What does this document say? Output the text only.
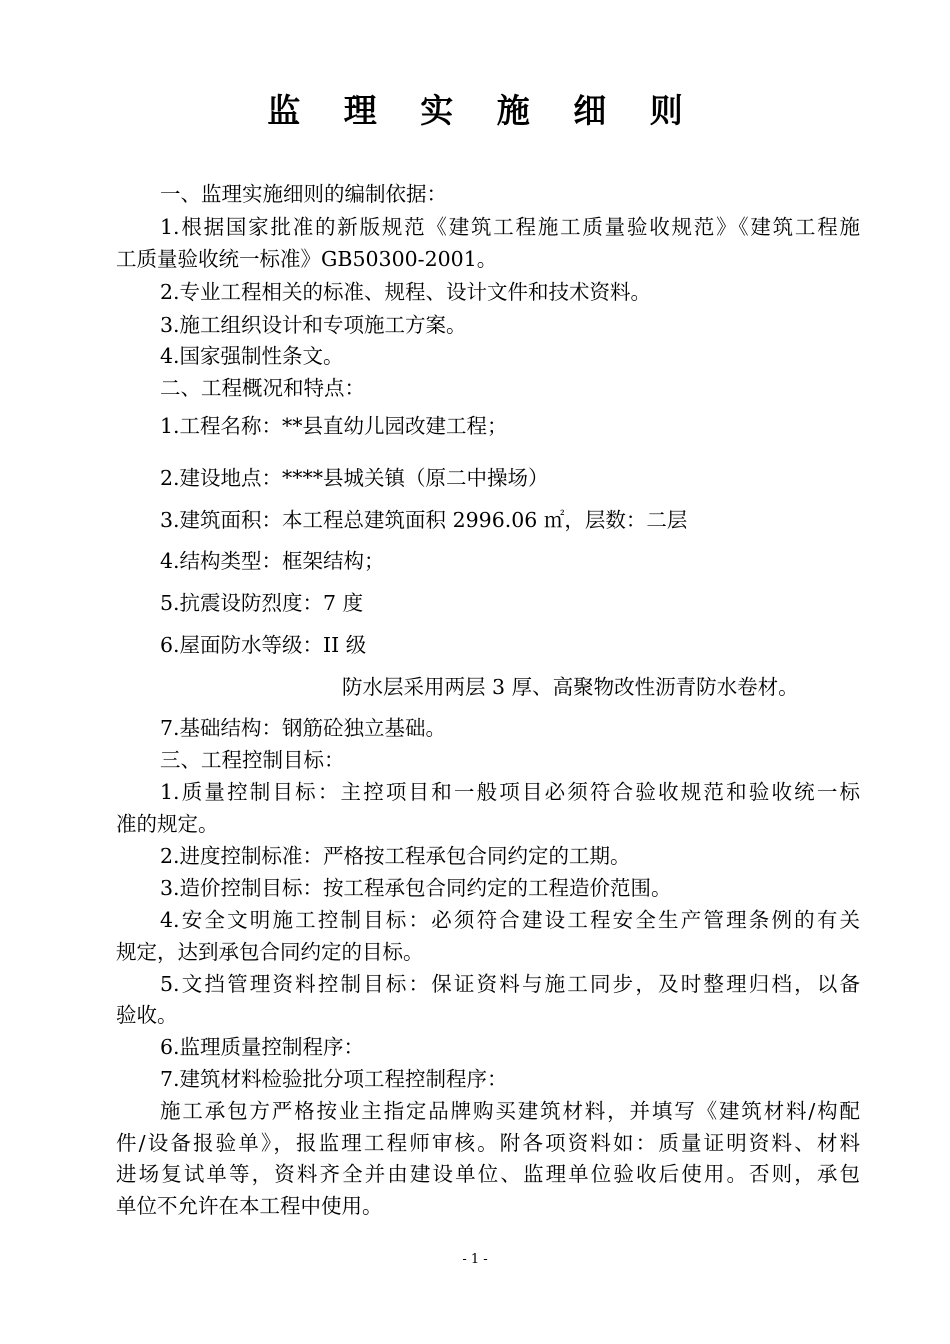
监 理 实 施 细 则
一、监理实施细则的编制依据：
1.根据国家批准的新版规范《建筑工程施工质量验收规范》《建筑工程施
工质量验收统一标准》GB50300-2001。
2.专业工程相关的标准、规程、设计文件和技术资料。
3.施工组织设计和专项施工方案。
4.国家强制性条文。
二、工程概况和特点：
1.工程名称：**县直幼儿园改建工程；
2.建设地点：****县城关镇（原二中操场）
3.建筑面积：本工程总建筑面积 2996.06 ㎡，层数：二层
4.结构类型：框架结构；
5.抗震设防烈度：7 度
6.屋面防水等级：II 级
防水层采用两层 3 厚、高聚物改性沥青防水卷材。
7.基础结构：钢筋砼独立基础。
三、工程控制目标：
1.质量控制目标：主控项目和一般项目必须符合验收规范和验收统一标
准的规定。
2.进度控制标准：严格按工程承包合同约定的工期。
3.造价控制目标：按工程承包合同约定的工程造价范围。
4.安全文明施工控制目标：必须符合建设工程安全生产管理条例的有关
规定，达到承包合同约定的目标。
5.文挡管理资料控制目标：保证资料与施工同步，及时整理归档，以备
验收。
6.监理质量控制程序：
7.建筑材料检验批分项工程控制程序：
施工承包方严格按业主指定品牌购买建筑材料，并填写《建筑材料/构配
件/设备报验单》，报监理工程师审核。附各项资料如：质量证明资料、材料
进场复试单等，资料齐全并由建设单位、监理单位验收后使用。否则，承包
单位不允许在本工程中使用。
- 1 -
